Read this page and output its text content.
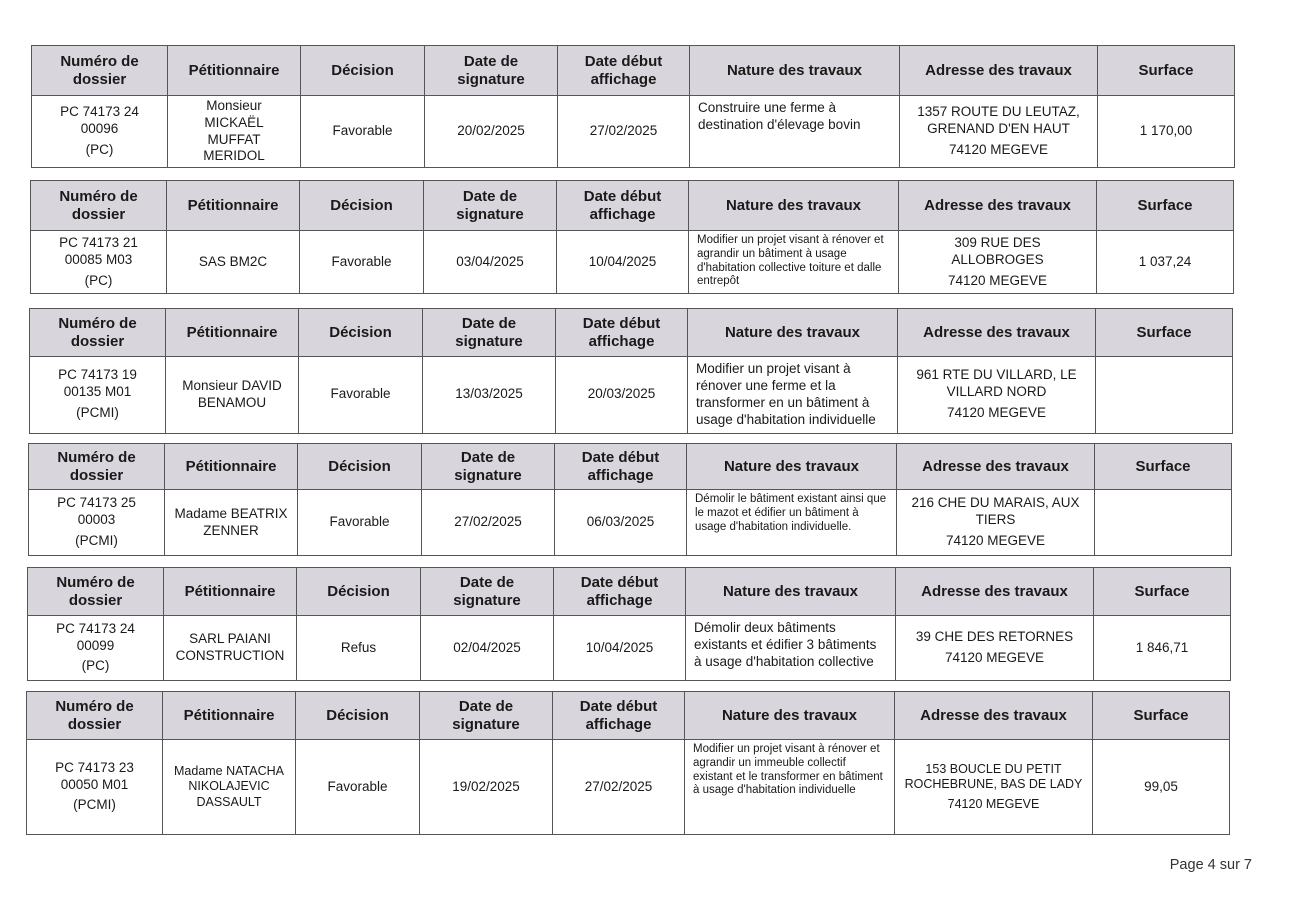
Numéro de dossier	Pétitionnaire	Décision	Date de signature	Date début affichage	Nature des travaux	Adresse des travaux	Surface

PC 74173 24
00096
(PC)	Monsieur
MICKAËL
MUFFAT
MERIDOL	Favorable	20/02/2025	27/02/2025	Construire une ferme à destination d'élevage bovin	1357 ROUTE DU LEUTAZ,
GRENAND D'EN HAUT
74120 MEGEVE	1 170,00
Numéro de dossier	Pétitionnaire	Décision	Date de signature	Date début affichage	Nature des travaux	Adresse des travaux	Surface

PC 74173 21
00085 M03
(PC)	SAS BM2C	Favorable	03/04/2025	10/04/2025	Modifier un projet visant à rénover et agrandir un bâtiment à usage d'habitation collective toiture et dalle entrepôt	309 RUE DES
ALLOBROGES
74120 MEGEVE	1 037,24
Numéro de dossier	Pétitionnaire	Décision	Date de signature	Date début affichage	Nature des travaux	Adresse des travaux	Surface

PC 74173 19
00135 M01
(PCMI)	Monsieur DAVID
BENAMOU	Favorable	13/03/2025	20/03/2025	Modifier un projet visant à rénover une ferme et la transformer en un bâtiment à usage d'habitation individuelle	961 RTE DU VILLARD, LE
VILLARD NORD
74120 MEGEVE	

Numéro de dossier	Pétitionnaire	Décision	Date de signature	Date début affichage	Nature des travaux	Adresse des travaux	Surface

PC 74173 25
00003
(PCMI)	Madame BEATRIX
ZENNER	Favorable	27/02/2025	06/03/2025	Démolir le bâtiment existant ainsi que le mazot et édifier un bâtiment à usage d'habitation individuelle.	216 CHE DU MARAIS, AUX
TIERS
74120 MEGEVE	

Numéro de dossier	Pétitionnaire	Décision	Date de signature	Date début affichage	Nature des travaux	Adresse des travaux	Surface

PC 74173 24
00099
(PC)	SARL PAIANI
CONSTRUCTION	Refus	02/04/2025	10/04/2025	Démolir deux bâtiments existants et édifier 3 bâtiments à usage d'habitation collective	39 CHE DES RETORNES
74120 MEGEVE	1 846,71
Numéro de dossier	Pétitionnaire	Décision	Date de signature	Date début affichage	Nature des travaux	Adresse des travaux	Surface

PC 74173 23
00050 M01
(PCMI)	Madame NATACHA
NIKOLAJEVIC
DASSAULT	Favorable	19/02/2025	27/02/2025	Modifier un projet visant à rénover et agrandir un immeuble collectif existant et le transformer en bâtiment à usage d'habitation individuelle	153 BOUCLE DU PETIT
ROCHEBRUNE, BAS DE LADY
74120 MEGEVE	99,05
Page 4 sur 7
